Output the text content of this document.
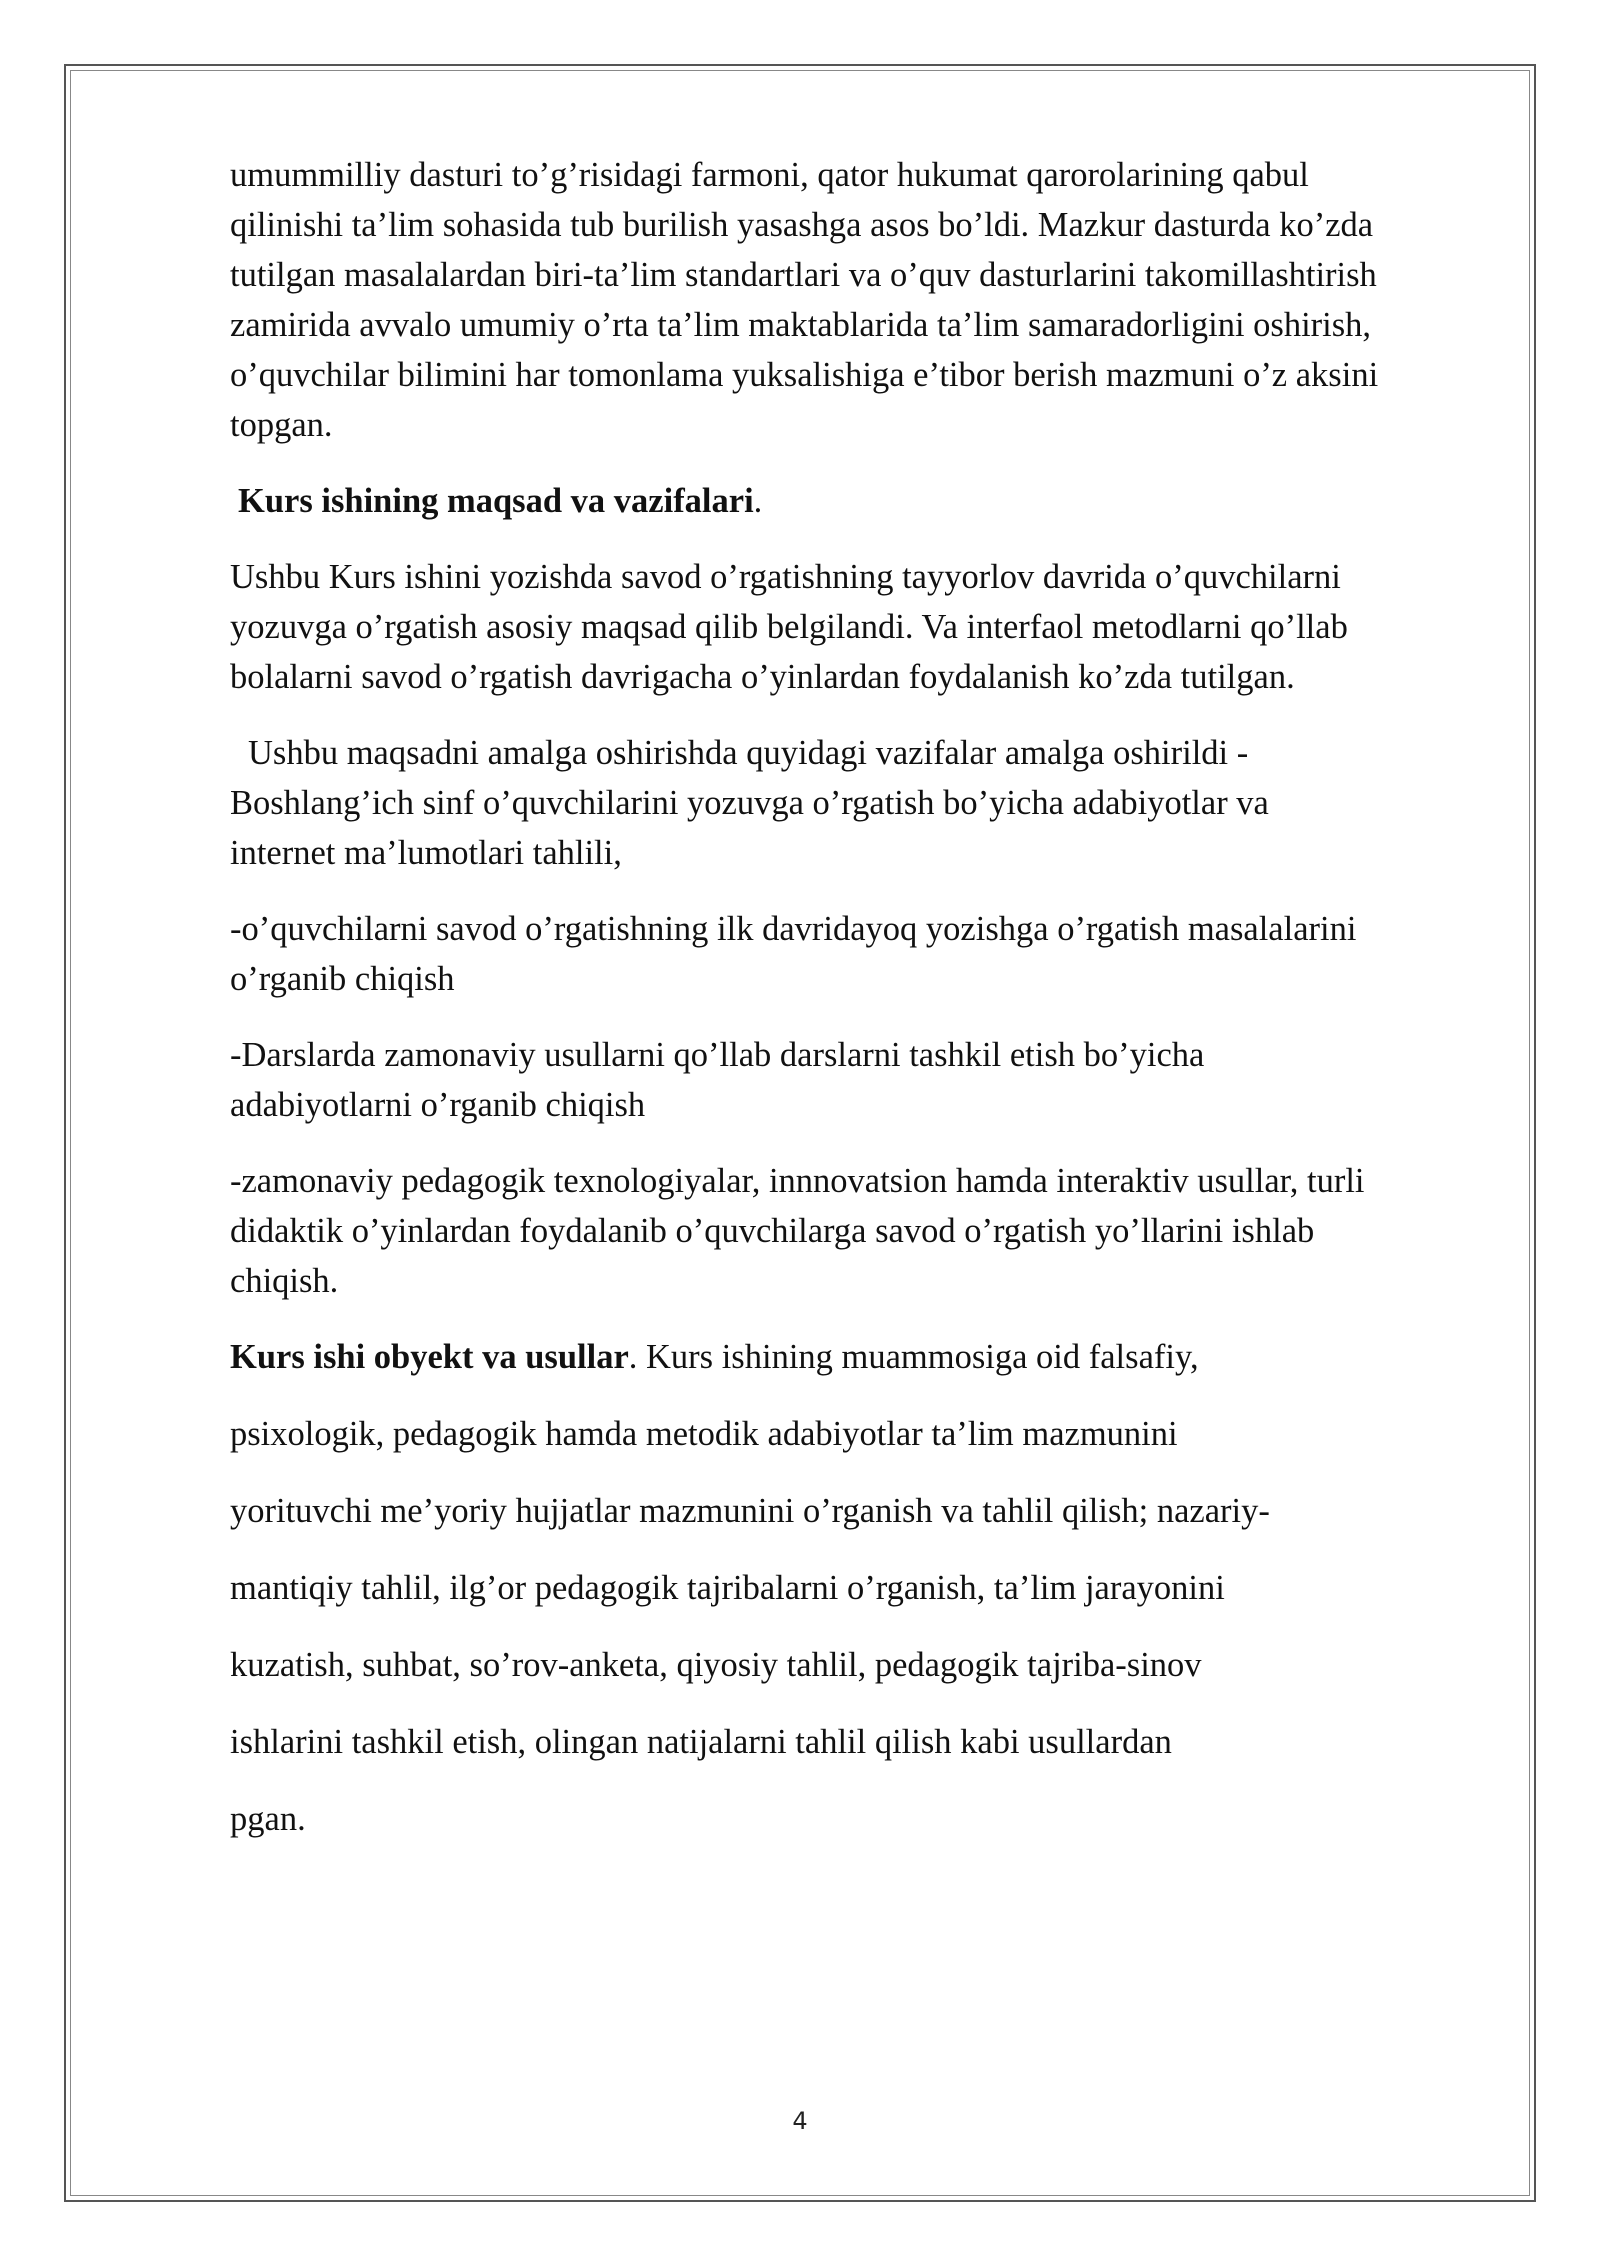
umummilliy dasturi to’g’risidagi farmoni, qator hukumat qarorolarining qabul
qilinishi ta’lim sohasida tub burilish yasashga asos bo’ldi. Mazkur dasturda ko’zda
tutilgan masalalardan biri-ta’lim standartlari va o’quv dasturlarini takomillashtirish
zamirida avvalo umumiy o’rta ta’lim maktablarida ta’lim samaradorligini oshirish,
o’quvchilar bilimini har tomonlama yuksalishiga e’tibor berish mazmuni o’z aksini
topgan.

Kurs ishining maqsad va vazifalari.

Ushbu Kurs ishini yozishda savod o’rgatishning tayyorlov davrida o’quvchilarni
yozuvga o’rgatish asosiy maqsad qilib belgilandi. Va interfaol metodlarni qo’llab
bolalarni savod o’rgatish davrigacha o’yinlardan foydalanish ko’zda tutilgan.

Ushbu maqsadni amalga oshirishda quyidagi vazifalar amalga oshirildi -
Boshlang’ich sinf o’quvchilarini yozuvga o’rgatish bo’yicha adabiyotlar va
internet ma’lumotlari tahlili,

-o’quvchilarni savod o’rgatishning ilk davridayoq yozishga o’rgatish masalalarini
o’rganib chiqish

-Darslarda zamonaviy usullarni qo’llab darslarni tashkil etish bo’yicha
adabiyotlarni o’rganib chiqish

-zamonaviy pedagogik texnologiyalar, innnovatsion hamda interaktiv usullar, turli
didaktik o’yinlardan foydalanib o’quvchilarga savod o’rgatish yo’llarini ishlab
chiqish.

Kurs ishi obyekt va usullar. Kurs ishining muammosiga oid falsafiy,

psixologik, pedagogik hamda metodik adabiyotlar ta’lim mazmunini
yorituvchi me’yoriy hujjatlar mazmunini o’rganish va tahlil qilish; nazariy-
mantiqiy tahlil, ilg’or pedagogik tajribalarni o’rganish, ta’lim jarayonini
kuzatish, suhbat, so’rov-anketa, qiyosiy tahlil, pedagogik tajriba-sinov
ishlarini tashkil etish, olingan natijalarni tahlil qilish kabi usullardan
pgan.

4
